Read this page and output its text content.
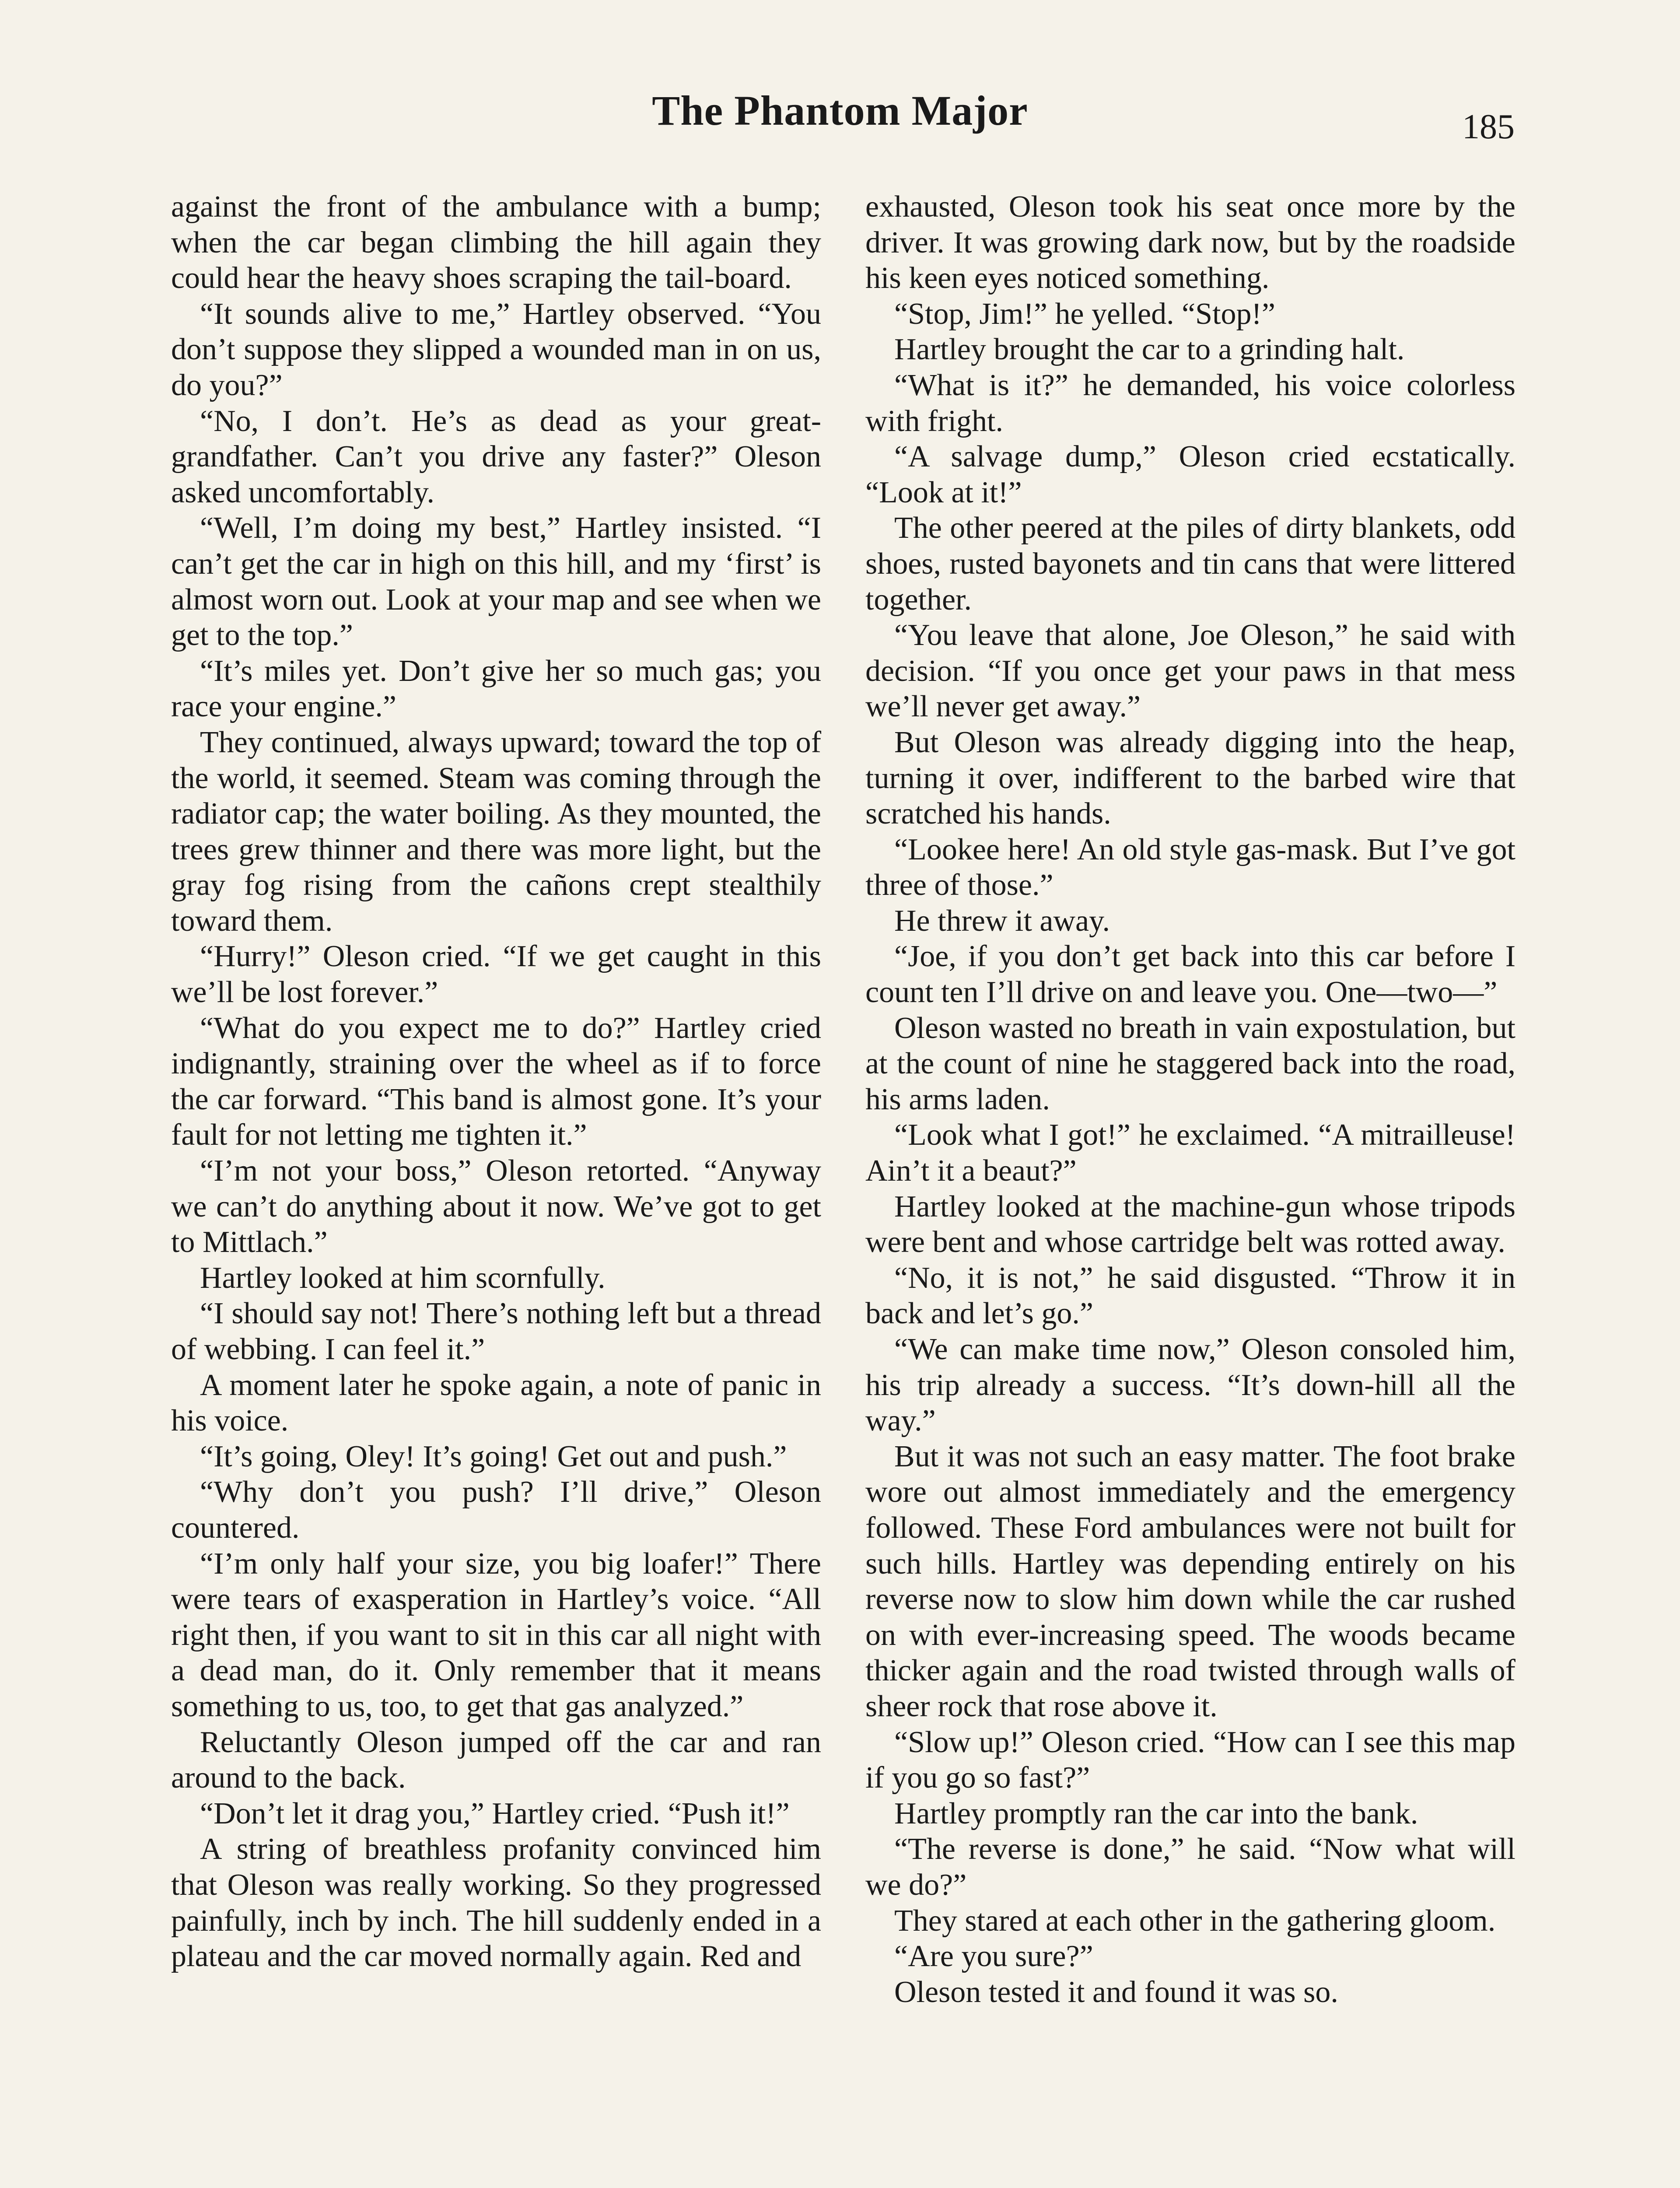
The Phantom Major	185

against the front of the ambulance with a bump; when the car began climbing the hill again they could hear the heavy shoes scraping the tail-board.

“It sounds alive to me,” Hartley observed. “You don’t suppose they slipped a wounded man in on us, do you?”

“No, I don’t. He’s as dead as your great-grandfather. Can’t you drive any faster?” Oleson asked uncomfortably.

“Well, I’m doing my best,” Hartley insisted. “I can’t get the car in high on this hill, and my ‘first’ is almost worn out. Look at your map and see when we get to the top.”

“It’s miles yet. Don’t give her so much gas; you race your engine.”

They continued, always upward; toward the top of the world, it seemed. Steam was coming through the radiator cap; the water boiling. As they mounted, the trees grew thinner and there was more light, but the gray fog rising from the cañons crept stealthily toward them.

“Hurry!” Oleson cried. “If we get caught in this we’ll be lost forever.”

“What do you expect me to do?” Hartley cried indignantly, straining over the wheel as if to force the car forward. “This band is almost gone. It’s your fault for not letting me tighten it.”

“I’m not your boss,” Oleson retorted. “Anyway we can’t do anything about it now. We’ve got to get to Mittlach.”

Hartley looked at him scornfully.

“I should say not! There’s nothing left but a thread of webbing. I can feel it.”

A moment later he spoke again, a note of panic in his voice.

“It’s going, Oley! It’s going! Get out and push.”

“Why don’t you push? I’ll drive,” Oleson countered.

“I’m only half your size, you big loafer!” There were tears of exasperation in Hartley’s voice. “All right then, if you want to sit in this car all night with a dead man, do it. Only remember that it means something to us, too, to get that gas analyzed.”

Reluctantly Oleson jumped off the car and ran around to the back.

“Don’t let it drag you,” Hartley cried. “Push it!”

A string of breathless profanity convinced him that Oleson was really working. So they progressed painfully, inch by inch. The hill suddenly ended in a plateau and the car moved normally again. Red and

exhausted, Oleson took his seat once more by the driver. It was growing dark now, but by the roadside his keen eyes noticed something.

“Stop, Jim!” he yelled. “Stop!”

Hartley brought the car to a grinding halt.

“What is it?” he demanded, his voice colorless with fright.

“A salvage dump,” Oleson cried ecstatically. “Look at it!”

The other peered at the piles of dirty blankets, odd shoes, rusted bayonets and tin cans that were littered together.

“You leave that alone, Joe Oleson,” he said with decision. “If you once get your paws in that mess we’ll never get away.”

But Oleson was already digging into the heap, turning it over, indifferent to the barbed wire that scratched his hands.

“Lookee here! An old style gas-mask. But I’ve got three of those.”

He threw it away.

“Joe, if you don’t get back into this car before I count ten I’ll drive on and leave you. One—two—”

Oleson wasted no breath in vain expostulation, but at the count of nine he staggered back into the road, his arms laden.

“Look what I got!” he exclaimed. “A mitrailleuse! Ain’t it a beaut?”

Hartley looked at the machine-gun whose tripods were bent and whose cartridge belt was rotted away.

“No, it is not,” he said disgusted. “Throw it in back and let’s go.”

“We can make time now,” Oleson consoled him, his trip already a success. “It’s down-hill all the way.”

But it was not such an easy matter. The foot brake wore out almost immediately and the emergency followed. These Ford ambulances were not built for such hills. Hartley was depending entirely on his reverse now to slow him down while the car rushed on with ever-increasing speed. The woods became thicker again and the road twisted through walls of sheer rock that rose above it.

“Slow up!” Oleson cried. “How can I see this map if you go so fast?”

Hartley promptly ran the car into the bank.

“The reverse is done,” he said. “Now what will we do?”

They stared at each other in the gathering gloom.

“Are you sure?”

Oleson tested it and found it was so.
